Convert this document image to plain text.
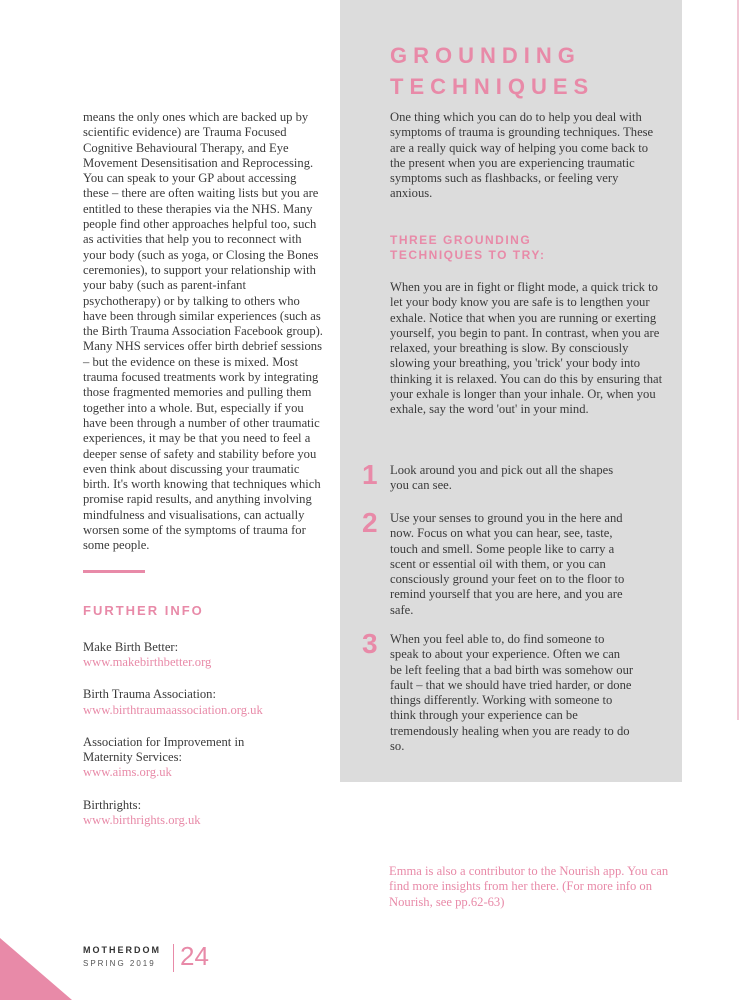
means the only ones which are backed up by scientific evidence) are Trauma Focused Cognitive Behavioural Therapy, and Eye Movement Desensitisation and Reprocessing. You can speak to your GP about accessing these – there are often waiting lists but you are entitled to these therapies via the NHS. Many people find other approaches helpful too, such as activities that help you to reconnect with your body (such as yoga, or Closing the Bones ceremonies), to support your relationship with your baby (such as parent-infant psychotherapy) or by talking to others who have been through similar experiences (such as the Birth Trauma Association Facebook group). Many NHS services offer birth debrief sessions – but the evidence on these is mixed. Most trauma focused treatments work by integrating those fragmented memories and pulling them together into a whole. But, especially if you have been through a number of other traumatic experiences, it may be that you need to feel a deeper sense of safety and stability before you even think about discussing your traumatic birth. It's worth knowing that techniques which promise rapid results, and anything involving mindfulness and visualisations, can actually worsen some of the symptoms of trauma for some people.

FURTHER INFO
Make Birth Better:
www.makebirthbetter.org
Birth Trauma Association:
www.birthtraumaassociation.org.uk
Association for Improvement in Maternity Services:
www.aims.org.uk
Birthrights:
www.birthrights.org.uk
GROUNDING
TECHNIQUES

One thing which you can do to help you deal with symptoms of trauma is grounding techniques. These are a really quick way of helping you come back to the present when you are experiencing traumatic symptoms such as flashbacks, or feeling very anxious.

THREE GROUNDING
TECHNIQUES TO TRY:

When you are in fight or flight mode, a quick trick to let your body know you are safe is to lengthen your exhale. Notice that when you are running or exerting yourself, you begin to pant. In contrast, when you are relaxed, your breathing is slow. By consciously slowing your breathing, you 'trick' your body into thinking it is relaxed. You can do this by ensuring that your exhale is longer than your inhale. Or, when you exhale, say the word 'out' in your mind.

1 Look around you and pick out all the shapes you can see.

2 Use your senses to ground you in the here and now. Focus on what you can hear, see, taste, touch and smell. Some people like to carry a scent or essential oil with them, or you can consciously ground your feet on to the floor to remind yourself that you are here, and you are safe.

3 When you feel able to, do find someone to speak to about your experience. Often we can be left feeling that a bad birth was somehow our fault – that we should have tried harder, or done things differently. Working with someone to think through your experience can be tremendously healing when you are ready to do so.

Emma is also a contributor to the Nourish app. You can find more insights from her there. (For more info on Nourish, see pp.62-63)

MOTHERDOM
SPRING 2019 24
